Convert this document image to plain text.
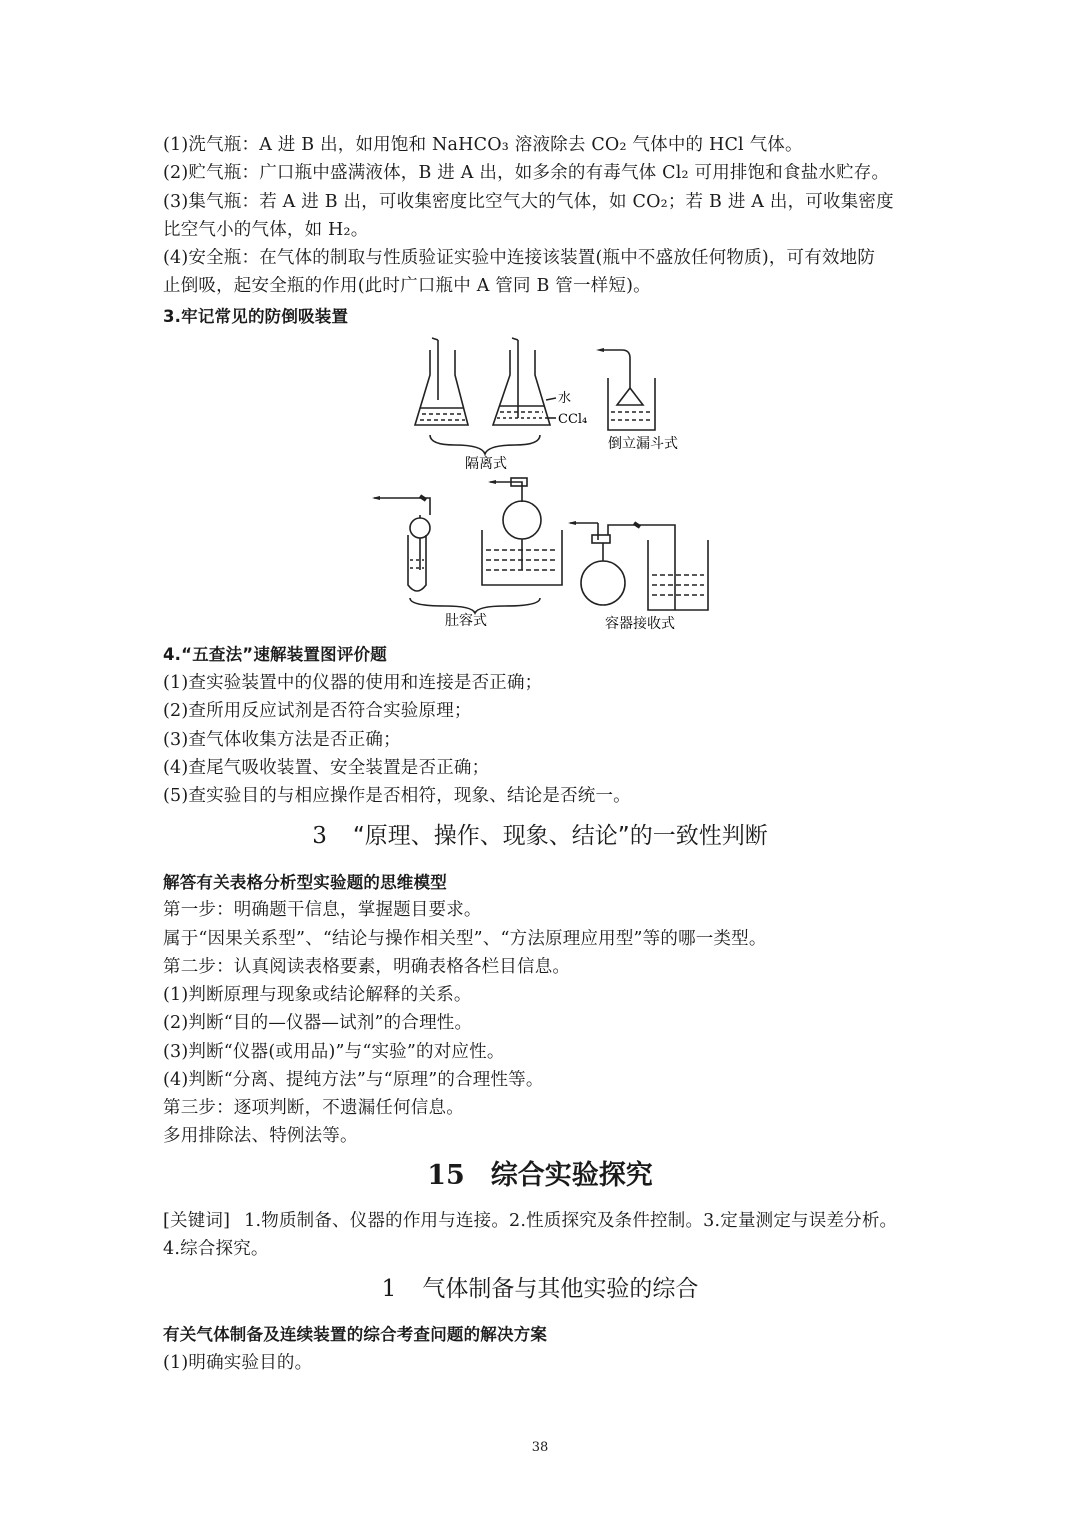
(1)洗气瓶：A 进 B 出，如用饱和 NaHCO₃ 溶液除去 CO₂ 气体中的 HCl 气体。
(2)贮气瓶：广口瓶中盛满液体，B 进 A 出，如多余的有毒气体 Cl₂ 可用排饱和食盐水贮存。
(3)集气瓶：若 A 进 B 出，可收集密度比空气大的气体，如 CO₂；若 B 进 A 出，可收集密度
比空气小的气体，如 H₂。
(4)安全瓶：在气体的制取与性质验证实验中连接该装置(瓶中不盛放任何物质)，可有效地防
止倒吸，起安全瓶的作用(此时广口瓶中 A 管同 B 管一样短)。
3.牢记常见的防倒吸装置
水
CCl₄
隔离式
倒立漏斗式
肚容式	容器接收式
4.“五查法”速解装置图评价题
(1)查实验装置中的仪器的使用和连接是否正确；
(2)查所用反应试剂是否符合实验原理；
(3)查气体收集方法是否正确；
(4)查尾气吸收装置、安全装置是否正确；
(5)查实验目的与相应操作是否相符，现象、结论是否统一。
3 “原理、操作、现象、结论”的一致性判断
解答有关表格分析型实验题的思维模型
第一步：明确题干信息，掌握题目要求。
属于“因果关系型”、“结论与操作相关型”、“方法原理应用型”等的哪一类型。
第二步：认真阅读表格要素，明确表格各栏目信息。
(1)判断原理与现象或结论解释的关系。
(2)判断“目的—仪器—试剂”的合理性。
(3)判断“仪器(或用品)”与“实验”的对应性。
(4)判断“分离、提纯方法”与“原理”的合理性等。
第三步：逐项判断，不遗漏任何信息。
多用排除法、特例法等。
15 综合实验探究
[关键词] 1.物质制备、仪器的作用与连接。2.性质探究及条件控制。3.定量测定与误差分析。
4.综合探究。
1 气体制备与其他实验的综合
有关气体制备及连续装置的综合考查问题的解决方案
(1)明确实验目的。
38
